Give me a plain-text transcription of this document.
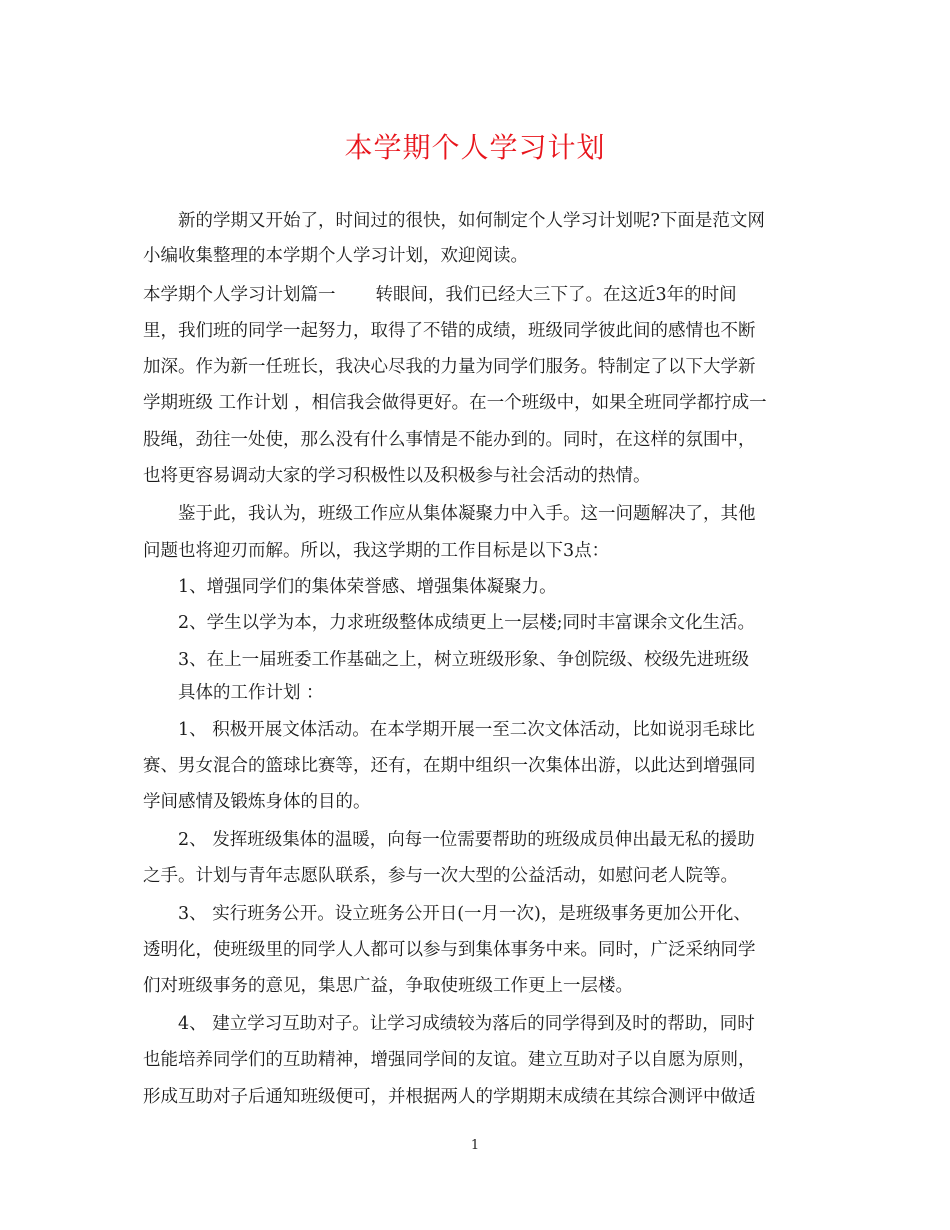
本学期个人学习计划
　　新的学期又开始了，时间过的很快，如何制定个人学习计划呢?下面是范文网
小编收集整理的本学期个人学习计划，欢迎阅读。
本学期个人学习计划篇一 转眼间，我们已经大三下了。在这近3年的时间
里，我们班的同学一起努力，取得了不错的成绩，班级同学彼此间的感情也不断
加深。作为新一任班长，我决心尽我的力量为同学们服务。特制定了以下大学新
学期班级 工作计划 ，相信我会做得更好。在一个班级中，如果全班同学都拧成一
股绳，劲往一处使，那么没有什么事情是不能办到的。同时，在这样的氛围中，
也将更容易调动大家的学习积极性以及积极参与社会活动的热情。
　　鉴于此，我认为，班级工作应从集体凝聚力中入手。这一问题解决了，其他
问题也将迎刃而解。所以，我这学期的工作目标是以下3点：
　　1、增强同学们的集体荣誉感、增强集体凝聚力。
　　2、学生以学为本，力求班级整体成绩更上一层楼;同时丰富课余文化生活。
　　3、在上一届班委工作基础之上，树立班级形象、争创院级、校级先进班级
　　具体的工作计划 ：
　　1、 积极开展文体活动。在本学期开展一至二次文体活动，比如说羽毛球比
赛、男女混合的篮球比赛等，还有，在期中组织一次集体出游，以此达到增强同
学间感情及锻炼身体的目的。
　　2、 发挥班级集体的温暖，向每一位需要帮助的班级成员伸出最无私的援助
之手。计划与青年志愿队联系，参与一次大型的公益活动，如慰问老人院等。
　　3、 实行班务公开。设立班务公开日(一月一次)，是班级事务更加公开化、
透明化，使班级里的同学人人都可以参与到集体事务中来。同时，广泛采纳同学
们对班级事务的意见，集思广益，争取使班级工作更上一层楼。
　　4、 建立学习互助对子。让学习成绩较为落后的同学得到及时的帮助，同时
也能培养同学们的互助精神，增强同学间的友谊。建立互助对子以自愿为原则，
形成互助对子后通知班级便可，并根据两人的学期期末成绩在其综合测评中做适
1
